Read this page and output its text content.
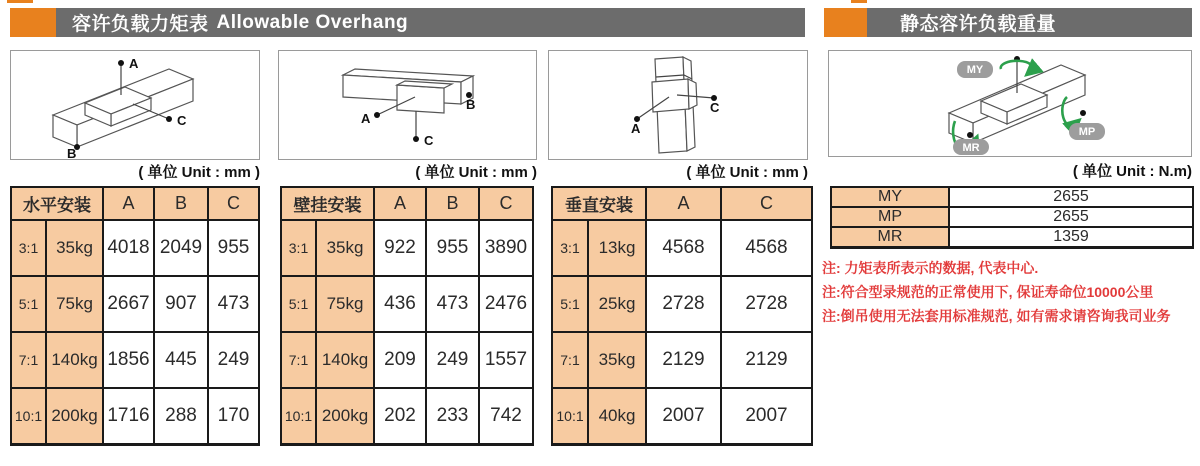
容许负载力矩表 Allowable Overhang	静态容许负载重量
A
C
B
( 单位 Unit : mm )
A
C
B
( 单位 Unit : mm )
A
C
( 单位 Unit : mm )
MY
MP
MR
( 单位 Unit : N.m)
水平安装		A	B	C
3:1	35kg	4018	2049	955
5:1	75kg	2667	907	473
7:1	140kg	1856	445	249
10:1	200kg	1716	288	170
壁挂安装		A	B	C
3:1	35kg	922	955	3890
5:1	75kg	436	473	2476
7:1	140kg	209	249	1557
10:1	200kg	202	233	742
垂直安装		A	C
3:1	13kg	4568	4568
5:1	25kg	2728	2728
7:1	35kg	2129	2129
10:1	40kg	2007	2007
MY	2655
MP	2655
MR	1359
注: 力矩表所表示的数据, 代表中心.
注:符合型录规范的正常使用下, 保证寿命位10000公里
注:倒吊使用无法套用标准规范, 如有需求请咨询我司业务
